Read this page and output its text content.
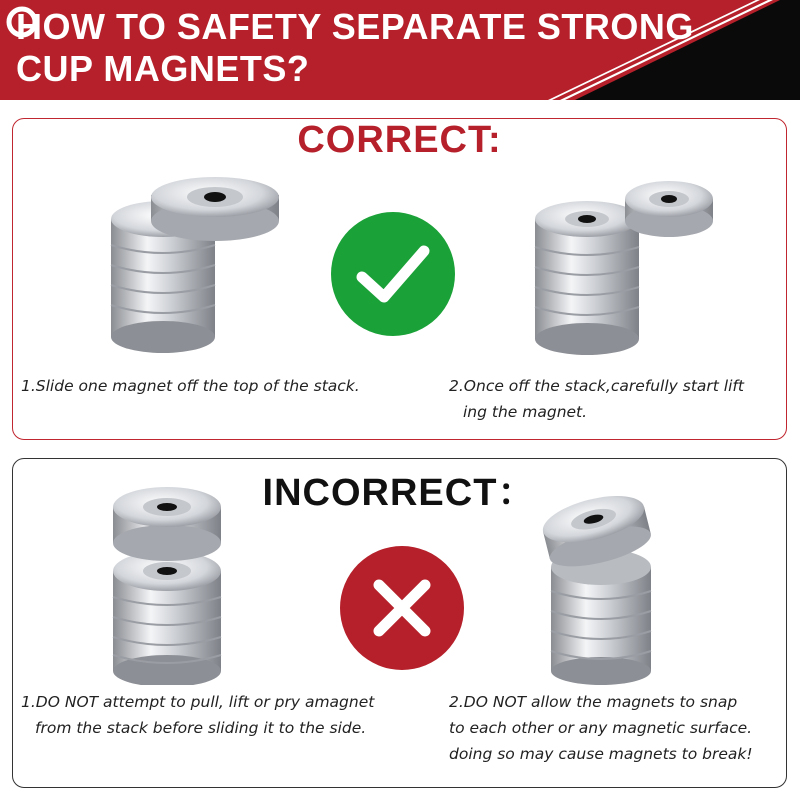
HOW TO SAFETY SEPARATE STRONG
CUP MAGNETS?
CORRECT:

1.Slide one magnet off the top of the stack.	2.Once off the stack,carefully start lift
ing the magnet.

INCORRECT：

1.DO NOT attempt to pull, lift or pry amagnet
from the stack before sliding it to the side.

2.DO NOT allow the magnets to snap
to each other or any magnetic surface.
doing so may cause magnets to break!
